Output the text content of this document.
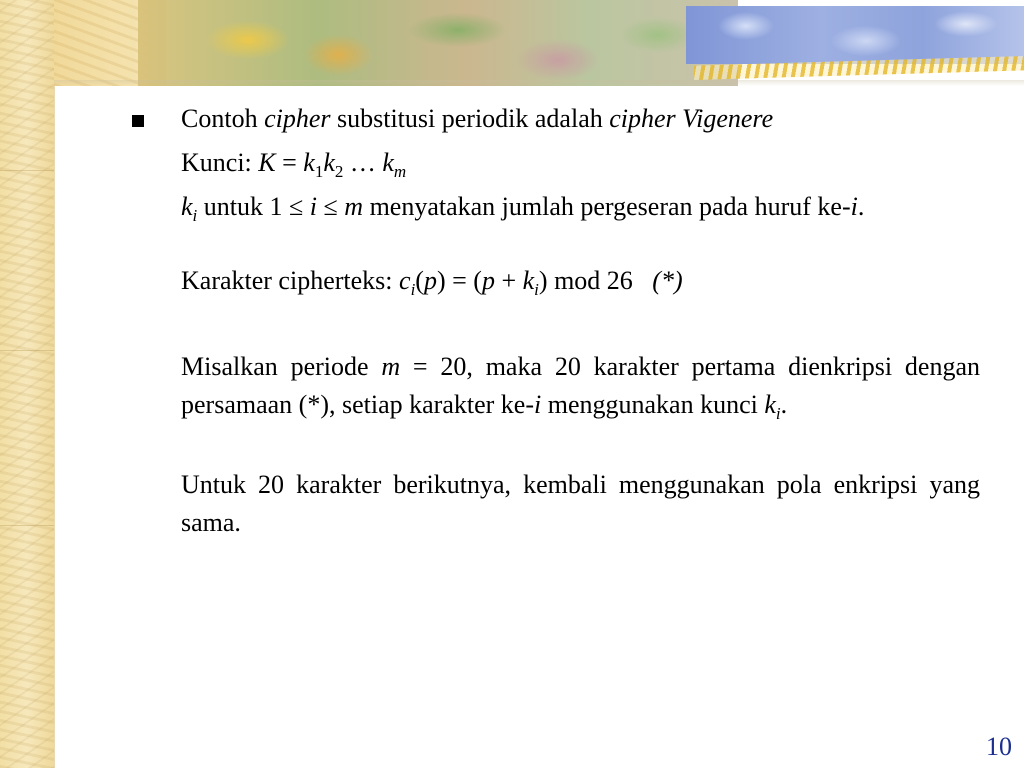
Contoh cipher substitusi periodik adalah cipher Vigenere
Kunci: $K = k_1k_2$ … $k_m$
$k_i$ untuk 1 ≤ i ≤ m menyatakan jumlah pergeseran pada huruf ke-i.
Karakter cipherteks: $c_i(p) = (p + k_i)$ mod 26   (*)
Misalkan periode m = 20, maka 20 karakter pertama dienkripsi dengan persamaan (*), setiap karakter ke-i menggunakan kunci $k_i$.
Untuk 20 karakter berikutnya, kembali menggunakan pola enkripsi yang sama.
10
